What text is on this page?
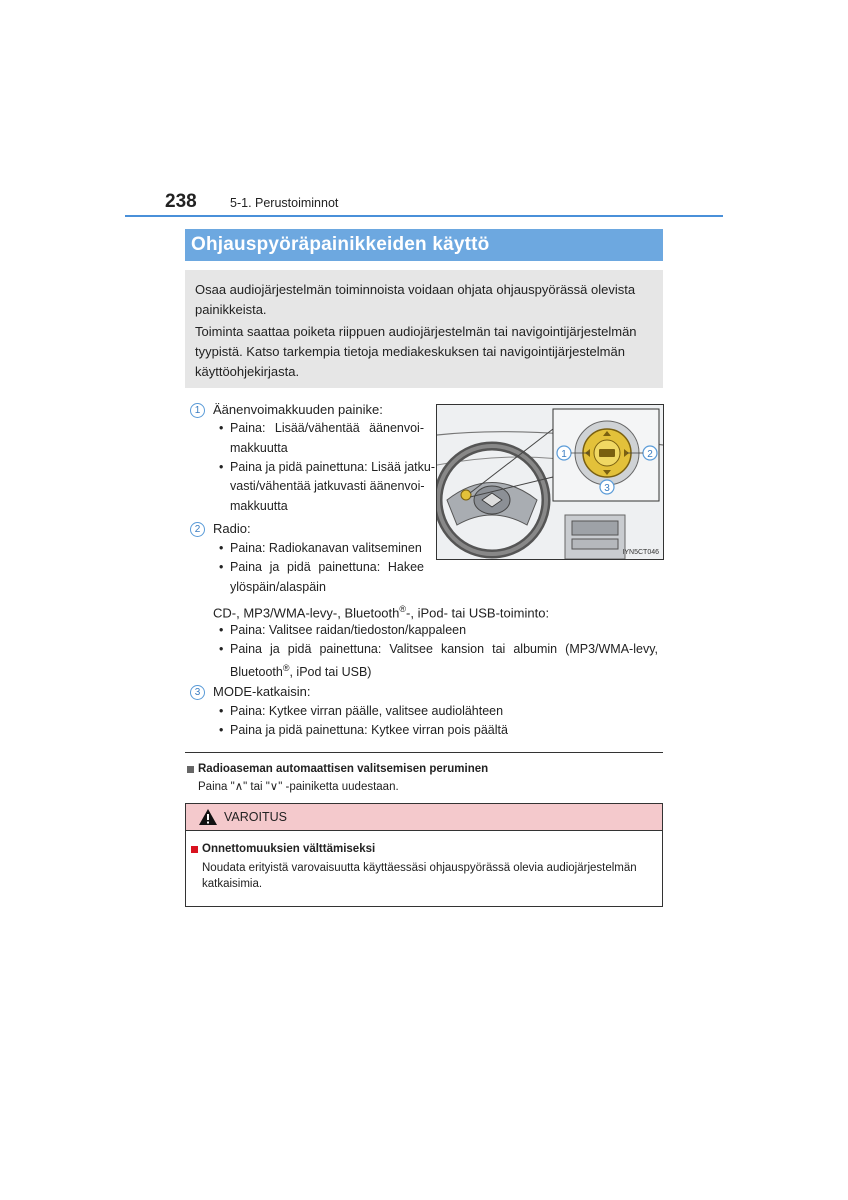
238	5-1. Perustoiminnot
Ohjauspyöräpainikkeiden käyttö

Osaa audiojärjestelmän toiminnoista voidaan ohjata ohjauspyörässä olevista

painikkeista.

Toiminta saattaa poiketa riippuen audiojärjestelmän tai navigointijärjestelmän

tyypistä. Katso tarkempia tietoja mediakeskuksen tai navigointijärjestelmän

käyttöohjekirjasta.

1 Äänenvoimakkuuden painike:
• Paina: Lisää/vähentää äänenvoi-
makkuutta
• Paina ja pidä painettuna: Lisää jatku-
vasti/vähentää jatkuvasti äänenvoi-
makkuutta
2 Radio:
• Paina: Radiokanavan valitseminen
• Paina ja pidä painettuna: Hakee
ylöspäin/alaspäin
CD-, MP3/WMA-levy-, Bluetooth®-, iPod- tai USB-toiminto:
• Paina: Valitsee raidan/tiedoston/kappaleen
• Paina ja pidä painettuna: Valitsee kansion tai albumin (MP3/WMA-levy,
Bluetooth®, iPod tai USB)
3 MODE-katkaisin:
• Paina: Kytkee virran päälle, valitsee audiolähteen
• Paina ja pidä painettuna: Kytkee virran pois päältä
1	2
3
IYN5CT046
Radioaseman automaattisen valitsemisen peruminen
Paina "∧" tai "∨" -painiketta uudestaan.
VAROITUS
Onnettomuuksien välttämiseksi
Noudata erityistä varovaisuutta käyttäessäsi ohjauspyörässä olevia audiojärjestelmän
katkaisimia.
